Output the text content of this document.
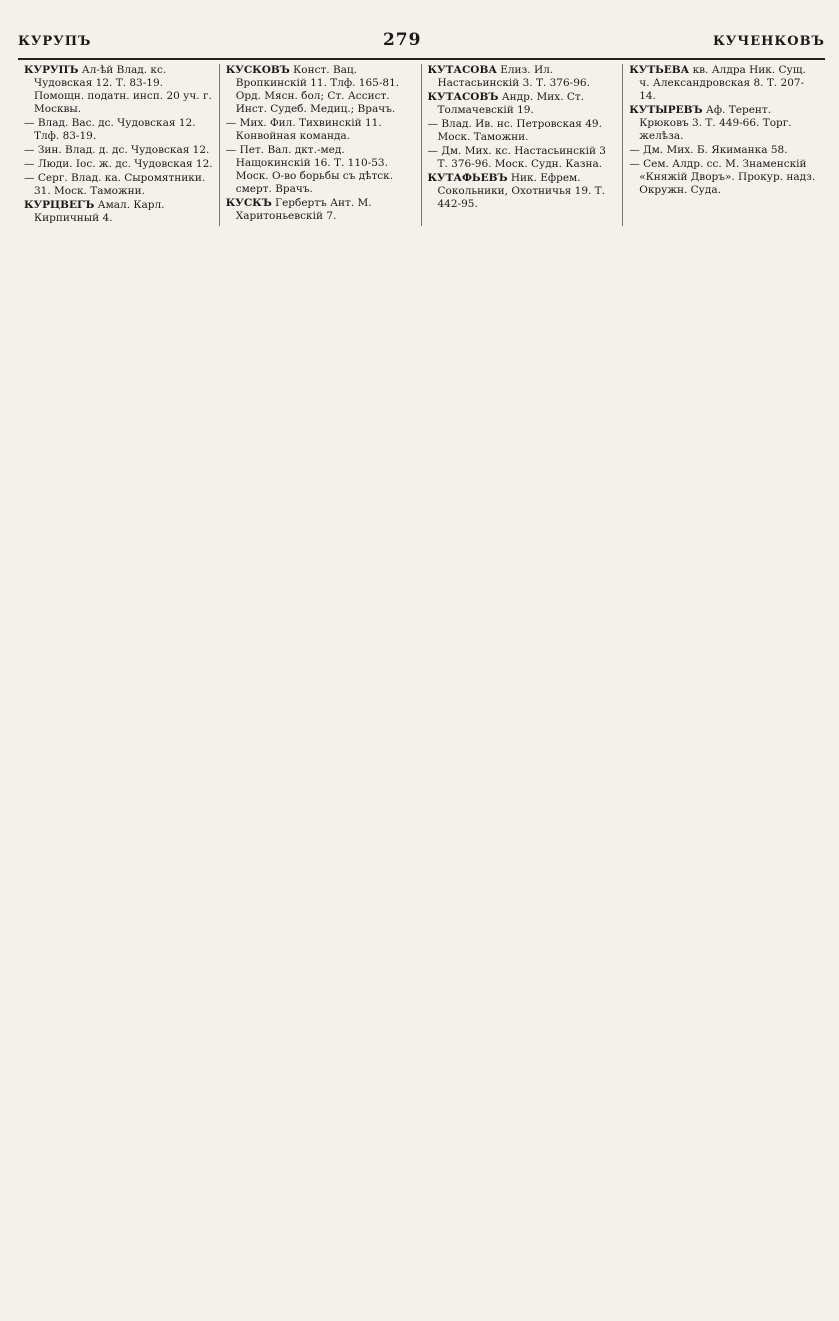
КУРУПЪ	279	КУЧЕНКОВЪ
КУРУПЪ Ал-ѣй Влад. кс. Чудовская 12. Т. 83-19. Помощн. податн. инсп. 20 уч. г. Москвы.
— Влад. Вас. дс. Чудовская 12. Тлф. 83-19.
— Зин. Влад. д. дс. Чудовская 12.
— Люди. Іос. ж. дс. Чудовская 12.
— Серг. Влад. ка. Сыромятники. 31. Моск. Таможни.
КУРЦВЕГЪ Амал. Карл. Кирпичный 4.
КУСКОВЪ Конст. Вац. Вропкинскій 11. Тлф. 165-81. Орд. Мясн. бол; Ст. Ассист. Инст. Судеб. Медиц.; Врачъ.
— Мих. Фил. Тихвинскій 11. Конвойная команда.
— Пет. Вал. дкт.-мед. Нащокинскій 16. Т. 110-53. Моск. О-во борьбы съ дѣтск. смерт. Врачъ.
КУСКЪ Гербертъ Ант. М. Харитоньевскій 7.
КУТАСОВА Елиз. Ил. Настасьинскій 3. Т. 376-96.
КУТАСОВЪ Андр. Мих. Ст. Толмачевскій 19.
— Влад. Ив. нс. Петровская 49. Моск. Таможни.
— Дм. Мих. кс. Настасьинскій 3 Т. 376-96. Моск. Судн. Казна.
КУТАФЬЕВЪ Ник. Ефрем. Сокольники, Охотничья 19. Т. 442-95.
КУТЬЕВА кв. Алдра Ник. Сущ. ч. Александровская 8. Т. 207-14.
КУТЫРЕВЪ Аф. Терент. Крюковъ 3. Т. 449-66. Торг. желѣза.
— Дм. Мих. Б. Якиманка 58.
— Сем. Алдр. сс. М. Знаменскій «Княжій Дворъ». Прокур. надз. Окружн. Суда.
